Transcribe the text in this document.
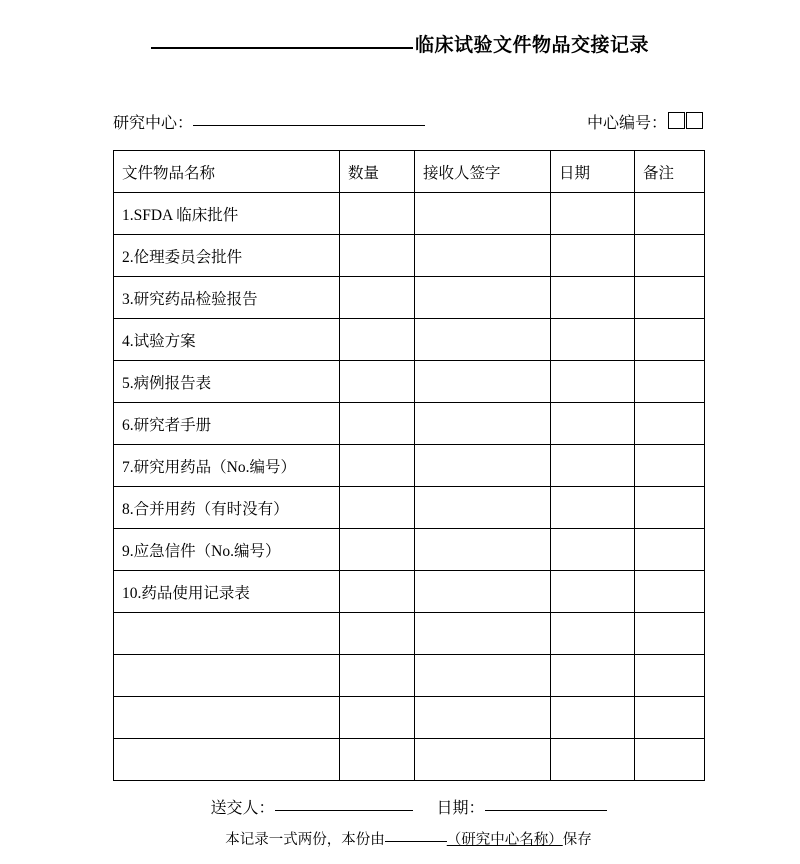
临床试验文件物品交接记录
中心编号：
研究中心：
文件物品名称	数量	接收人签字	日期	备注
1.SFDA 临床批件				
2.伦理委员会批件				
3.研究药品检验报告				
4.试验方案				
5.病例报告表				
6.研究者手册				
7.研究用药品（No.编号）				
8.合并用药（有时没有）				
9.应急信件（No.编号）				
10.药品使用记录表				

送交人：	日期：
本记录一式两份，本份由	（研究中心名称）保存
